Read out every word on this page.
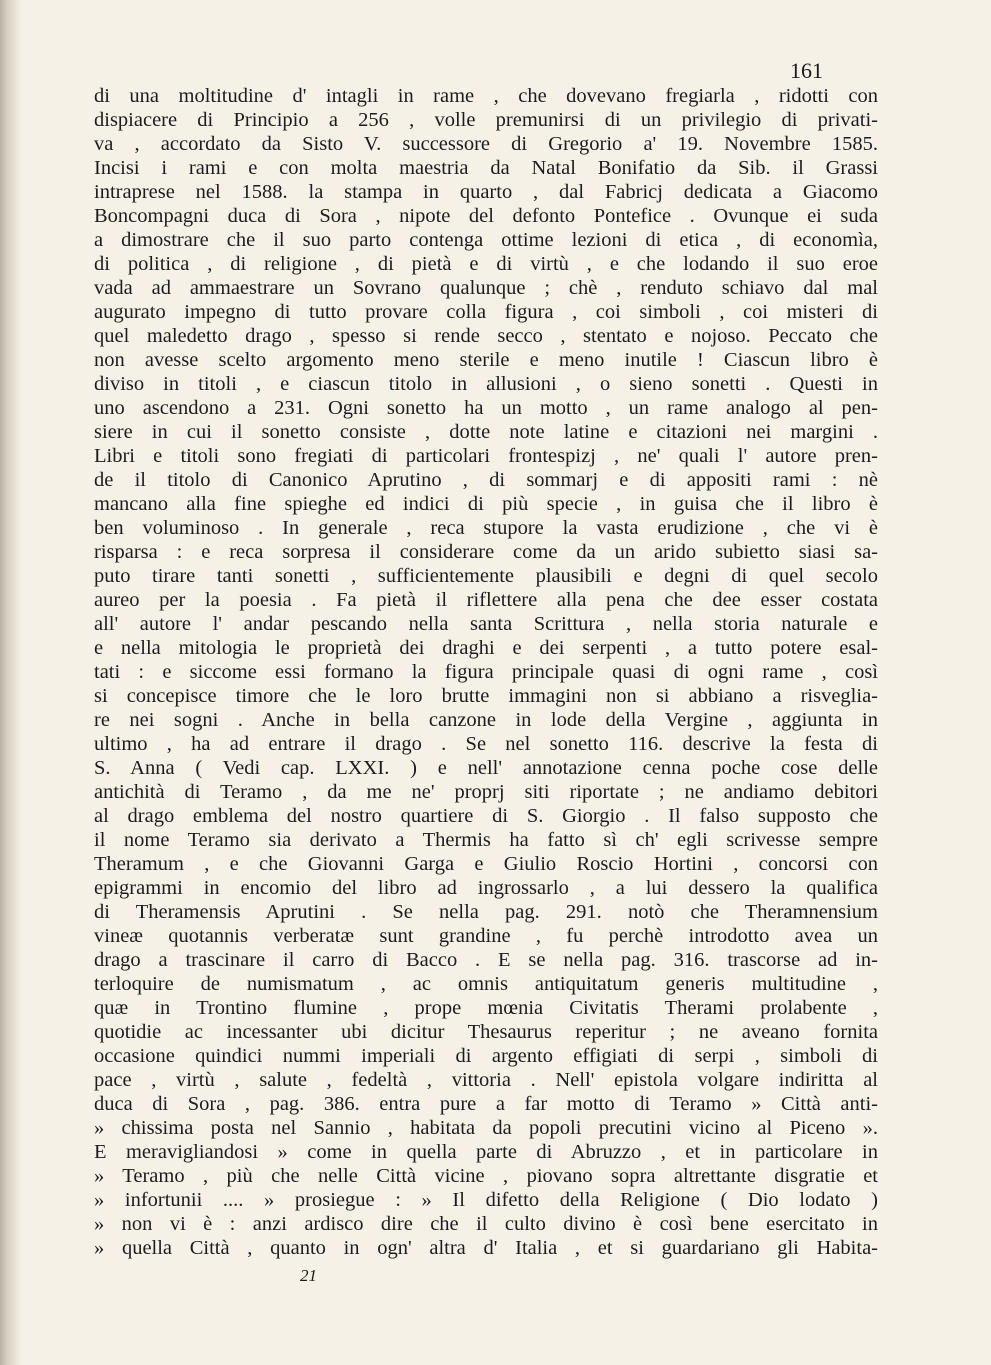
161
di una moltitudine d' intagli in rame , che dovevano fregiarla , ridotti con
dispiacere di Principio a 256 , volle premunirsi di un privilegio di privati-
va , accordato da Sisto V. successore di Gregorio a' 19. Novembre 1585.
Incisi i rami e con molta maestria da Natal Bonifatio da Sib. il Grassi
intraprese nel 1588. la stampa in quarto , dal Fabricj dedicata a Giacomo
Boncompagni duca di Sora , nipote del defonto Pontefice . Ovunque ei suda
a dimostrare che il suo parto contenga ottime lezioni di etica , di economìa,
di politica , di religione , di pietà e di virtù , e che lodando il suo eroe
vada ad ammaestrare un Sovrano qualunque ; chè , renduto schiavo dal mal
augurato impegno di tutto provare colla figura , coi simboli , coi misteri di
quel maledetto drago , spesso si rende secco , stentato e nojoso. Peccato che
non avesse scelto argomento meno sterile e meno inutile ! Ciascun libro è
diviso in titoli , e ciascun titolo in allusioni , o sieno sonetti . Questi in
uno ascendono a 231. Ogni sonetto ha un motto , un rame analogo al pen-
siere in cui il sonetto consiste , dotte note latine e citazioni nei margini .
Libri e titoli sono fregiati di particolari frontespizj , ne' quali l' autore pren-
de il titolo di Canonico Aprutino , di sommarj e di appositi rami : nè
mancano alla fine spieghe ed indici di più specie , in guisa che il libro è
ben voluminoso . In generale , reca stupore la vasta erudizione , che vi è
risparsa : e reca sorpresa il considerare come da un arido subietto siasi sa-
puto tirare tanti sonetti , sufficientemente plausibili e degni di quel secolo
aureo per la poesia . Fa pietà il riflettere alla pena che dee esser costata
all' autore l' andar pescando nella santa Scrittura , nella storia naturale e
e nella mitologia le proprietà dei draghi e dei serpenti , a tutto potere esal-
tati : e siccome essi formano la figura principale quasi di ogni rame , così
si concepisce timore che le loro brutte immagini non si abbiano a risveglia-
re nei sogni . Anche in bella canzone in lode della Vergine , aggiunta in
ultimo , ha ad entrare il drago . Se nel sonetto 116. descrive la festa di
S. Anna ( Vedi cap. LXXI. ) e nell' annotazione cenna poche cose delle
antichità di Teramo , da me ne' proprj siti riportate ; ne andiamo debitori
al drago emblema del nostro quartiere di S. Giorgio . Il falso supposto che
il nome Teramo sia derivato a Thermis ha fatto sì ch' egli scrivesse sempre
Theramum , e che Giovanni Garga e Giulio Roscio Hortini , concorsi con
epigrammi in encomio del libro ad ingrossarlo , a lui dessero la qualifica
di Theramensis Aprutini . Se nella pag. 291. notò che Theramnensium
vineæ quotannis verberatæ sunt grandine , fu perchè introdotto avea un
drago a trascinare il carro di Bacco . E se nella pag. 316. trascorse ad in-
terloquire de numismatum , ac omnis antiquitatum generis multitudine ,
quæ in Trontino flumine , prope mœnia Civitatis Therami prolabente ,
quotidie ac incessanter ubi dicitur Thesaurus reperitur ; ne aveano fornita
occasione quindici nummi imperiali di argento effigiati di serpi , simboli di
pace , virtù , salute , fedeltà , vittoria . Nell' epistola volgare indiritta al
duca di Sora , pag. 386. entra pure a far motto di Teramo » Città anti-
» chissima posta nel Sannio , habitata da popoli precutini vicino al Piceno ».
E meravigliandosi » come in quella parte di Abruzzo , et in particolare in
» Teramo , più che nelle Città vicine , piovano sopra altrettante disgratie et
» infortunii .... » prosiegue : » Il difetto della Religione ( Dio lodato )
» non vi è : anzi ardisco dire che il culto divino è così bene esercitato in
» quella Città , quanto in ogn' altra d' Italia , et si guardariano gli Habita-
21
